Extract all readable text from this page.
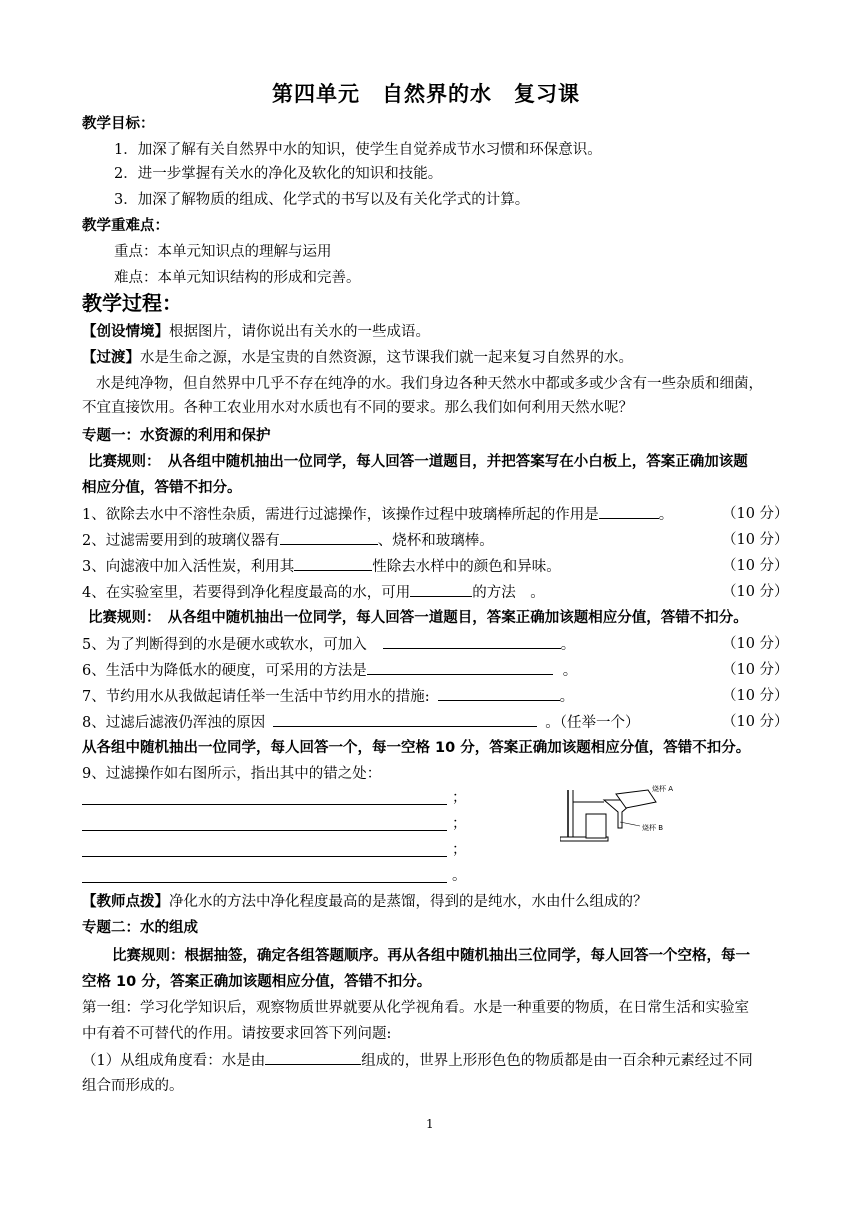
第四单元　自然界的水　复习课
教学目标：
1．加深了解有关自然界中水的知识，使学生自觉养成节水习惯和环保意识。
2．进一步掌握有关水的净化及软化的知识和技能。
3．加深了解物质的组成、化学式的书写以及有关化学式的计算。
教学重难点：
重点：本单元知识点的理解与运用
难点：本单元知识结构的形成和完善。
教学过程：
【创设情境】根据图片，请你说出有关水的一些成语。
【过渡】水是生命之源，水是宝贵的自然资源，这节课我们就一起来复习自然界的水。
水是纯净物，但自然界中几乎不存在纯净的水。我们身边各种天然水中都或多或少含有一些杂质和细菌，
不宜直接饮用。各种工农业用水对水质也有不同的要求。那么我们如何利用天然水呢？
专题一：水资源的利用和保护
比赛规则：　从各组中随机抽出一位同学，每人回答一道题目，并把答案写在小白板上，答案正确加该题
相应分值，答错不扣分。
1、欲除去水中不溶性杂质，需进行过滤操作，该操作过程中玻璃棒所起的作用是	。	（10 分）
2、过滤需要用到的玻璃仪器有	、烧杯和玻璃棒。	（10 分）
3、向滤液中加入活性炭，利用其	性除去水样中的颜色和异味。	（10 分）
4、在实验室里，若要得到净化程度最高的水，可用	的方法　。	（10 分）
比赛规则：　从各组中随机抽出一位同学，每人回答一道题目，答案正确加该题相应分值，答错不扣分。
5、为了判断得到的水是硬水或软水，可加入	。	（10 分）
6、生活中为降低水的硬度，可采用的方法是	。	（10 分）
7、节约用水从我做起请任举一生活中节约用水的措施:	。	（10 分）
8、过滤后滤液仍浑浊的原因	。（任举一个）	（10 分）
从各组中随机抽出一位同学，每人回答一个，每一空格 10 分，答案正确加该题相应分值，答错不扣分。
9、过滤操作如右图所示，指出其中的错之处：
；
；
；
。
烧杯 A
烧杯 B
【教师点拨】净化水的方法中净化程度最高的是蒸馏，得到的是纯水，水由什么组成的？
专题二：水的组成
比赛规则：根据抽签，确定各组答题顺序。再从各组中随机抽出三位同学，每人回答一个空格，每一
空格 10 分，答案正确加该题相应分值，答错不扣分。
第一组：学习化学知识后，观察物质世界就要从化学视角看。水是一种重要的物质，在日常生活和实验室
中有着不可替代的作用。请按要求回答下列问题:
（1）从组成角度看：水是由	组成的，世界上形形色色的物质都是由一百余种元素经过不同
组合而形成的。
1
